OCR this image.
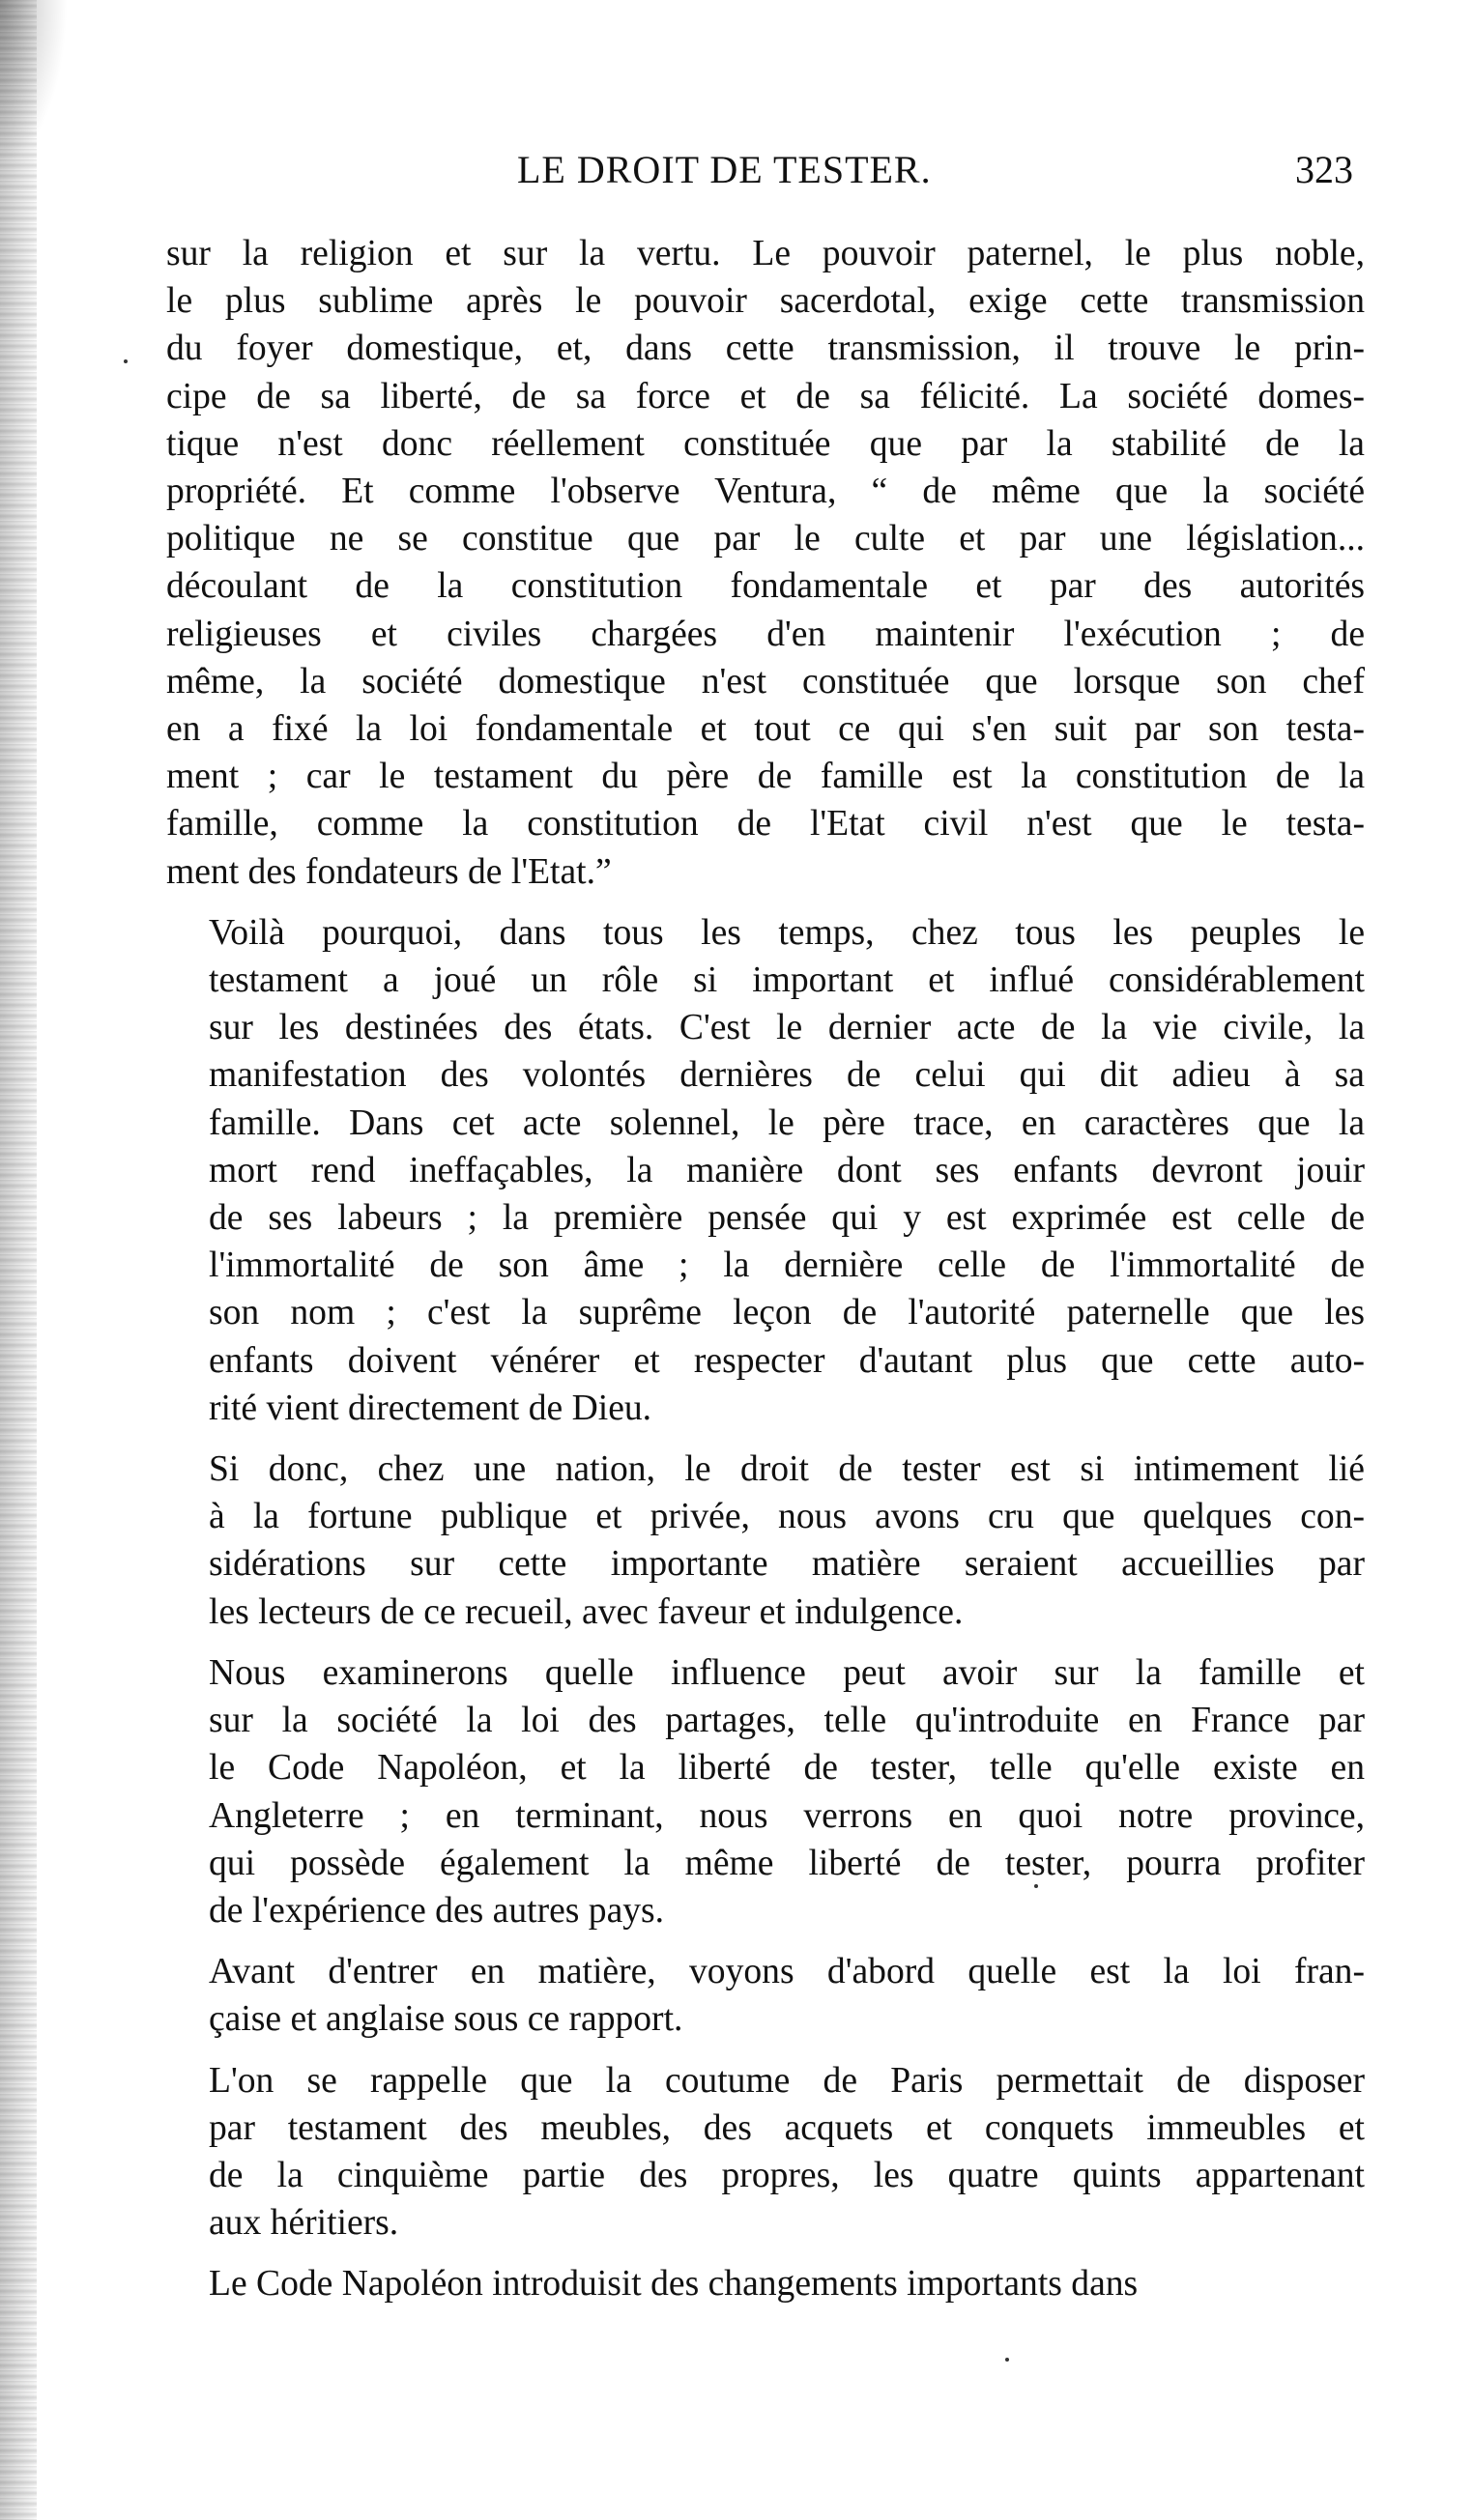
LE DROIT DE TESTER.	323

sur la religion et sur la vertu. Le pouvoir paternel, le plus noble,
le plus sublime après le pouvoir sacerdotal, exige cette transmission
du foyer domestique, et, dans cette transmission, il trouve le prin-
cipe de sa liberté, de sa force et de sa félicité. La société domes-
tique n'est donc réellement constituée que par la stabilité de la
propriété. Et comme l'observe Ventura, “ de même que la société
politique ne se constitue que par le culte et par une législation...
découlant de la constitution fondamentale et par des autorités
religieuses et civiles chargées d'en maintenir l'exécution ; de
même, la société domestique n'est constituée que lorsque son chef
en a fixé la loi fondamentale et tout ce qui s'en suit par son testa-
ment ; car le testament du père de famille est la constitution de la
famille, comme la constitution de l'Etat civil n'est que le testa-
ment des fondateurs de l'Etat.”

Voilà pourquoi, dans tous les temps, chez tous les peuples le
testament a joué un rôle si important et influé considérablement
sur les destinées des états. C'est le dernier acte de la vie civile, la
manifestation des volontés dernières de celui qui dit adieu à sa
famille. Dans cet acte solennel, le père trace, en caractères que la
mort rend ineffaçables, la manière dont ses enfants devront jouir
de ses labeurs ; la première pensée qui y est exprimée est celle de
l'immortalité de son âme ; la dernière celle de l'immortalité de
son nom ; c'est la suprême leçon de l'autorité paternelle que les
enfants doivent vénérer et respecter d'autant plus que cette auto-
rité vient directement de Dieu.

Si donc, chez une nation, le droit de tester est si intimement lié
à la fortune publique et privée, nous avons cru que quelques con-
sidérations sur cette importante matière seraient accueillies par
les lecteurs de ce recueil, avec faveur et indulgence.

Nous examinerons quelle influence peut avoir sur la famille et
sur la société la loi des partages, telle qu'introduite en France par
le Code Napoléon, et la liberté de tester, telle qu'elle existe en
Angleterre ; en terminant, nous verrons en quoi notre province,
qui possède également la même liberté de tester, pourra profiter
de l'expérience des autres pays.

Avant d'entrer en matière, voyons d'abord quelle est la loi fran-
çaise et anglaise sous ce rapport.

L'on se rappelle que la coutume de Paris permettait de disposer
par testament des meubles, des acquets et conquets immeubles et
de la cinquième partie des propres, les quatre quints appartenant
aux héritiers.

Le Code Napoléon introduisit des changements importants dans
